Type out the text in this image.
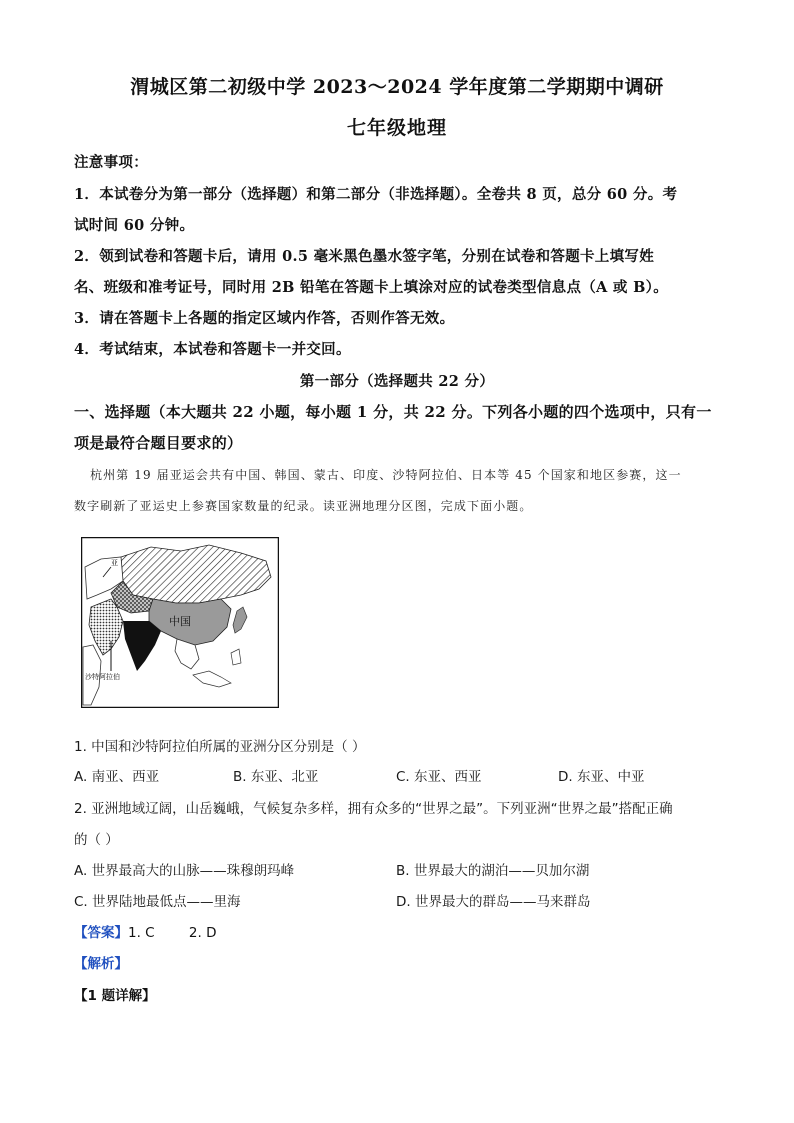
渭城区第二初级中学 2023～2024 学年度第二学期期中调研
七年级地理
注意事项：
1．本试卷分为第一部分（选择题）和第二部分（非选择题）。全卷共 8 页，总分 60 分。考
试时间 60 分钟。
2．领到试卷和答题卡后，请用 0.5 毫米黑色墨水签字笔，分别在试卷和答题卡上填写姓
名、班级和准考证号，同时用 2B 铅笔在答题卡上填涂对应的试卷类型信息点（A 或 B）。
3．请在答题卡上各题的指定区域内作答，否则作答无效。
4．考试结束，本试卷和答题卡一并交回。
第一部分（选择题共 22 分）
一、选择题（本大题共 22 小题，每小题 1 分，共 22 分。下列各小题的四个选项中，只有一
项是最符合题目要求的）
杭州第 19 届亚运会共有中国、韩国、蒙古、印度、沙特阿拉伯、日本等 45 个国家和地区参赛，这一
数字刷新了亚运史上参赛国家数量的纪录。读亚洲地理分区图，完成下面小题。
中国
沙特阿拉伯
亚
1. 中国和沙特阿拉伯所属的亚洲分区分别是（ ）
A. 南亚、西亚	B. 东亚、北亚	C. 东亚、西亚	D. 东亚、中亚
2. 亚洲地域辽阔，山岳巍峨，气候复杂多样，拥有众多的“世界之最”。下列亚洲“世界之最”搭配正确
的（ ）
A. 世界最高大的山脉——珠穆朗玛峰	B. 世界最大的湖泊——贝加尔湖
C. 世界陆地最低点——里海	D. 世界最大的群岛——马来群岛
【答案】1. C        2. D
【解析】
【1 题详解】
